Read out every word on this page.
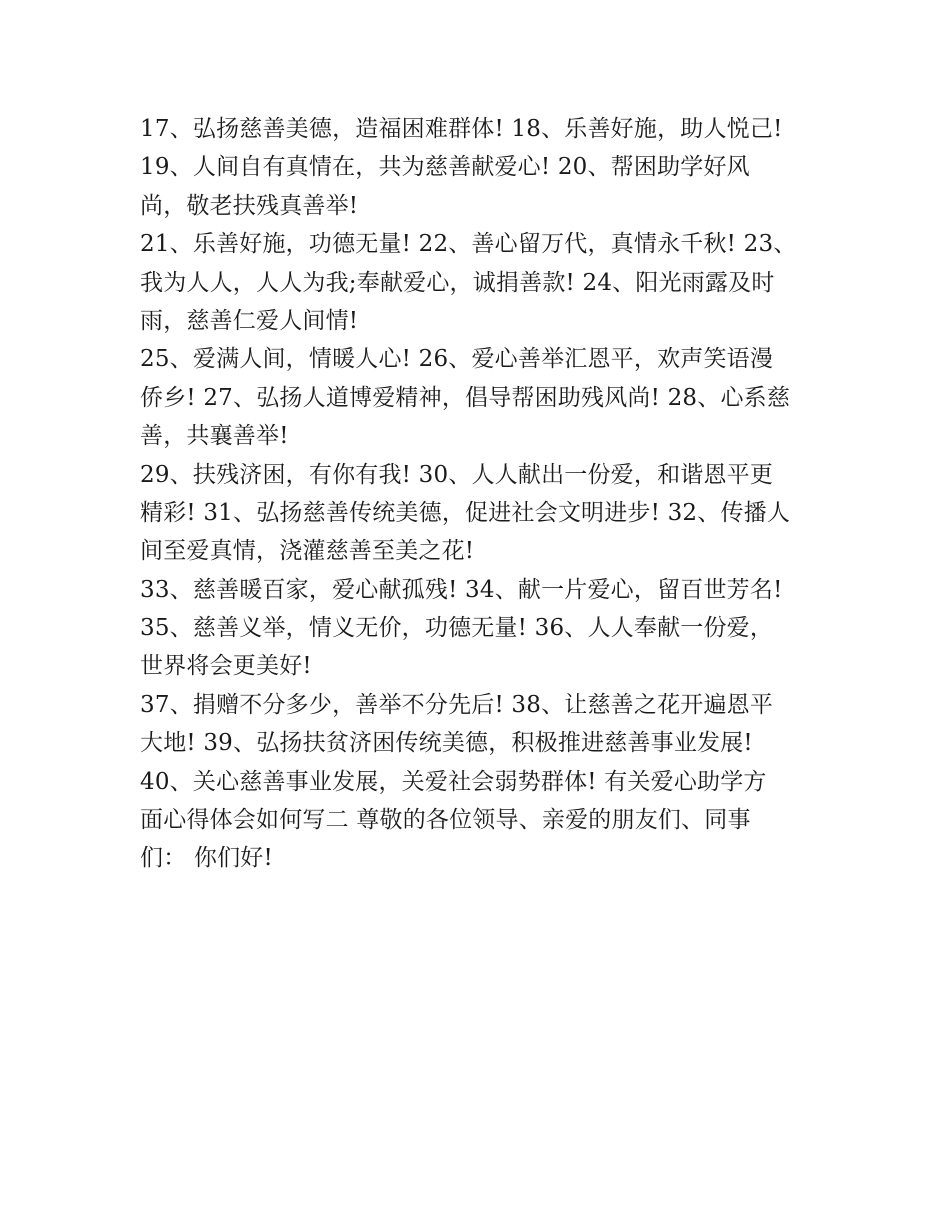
17、弘扬慈善美德，造福困难群体! 18、乐善好施，助人悦己!
19、人间自有真情在，共为慈善献爱心! 20、帮困助学好风
尚，敬老扶残真善举!
21、乐善好施，功德无量! 22、善心留万代，真情永千秋! 23、
我为人人，人人为我;奉献爱心，诚捐善款! 24、阳光雨露及时
雨，慈善仁爱人间情!
25、爱满人间，情暖人心! 26、爱心善举汇恩平，欢声笑语漫
侨乡! 27、弘扬人道博爱精神，倡导帮困助残风尚! 28、心系慈
善，共襄善举!
29、扶残济困，有你有我! 30、人人献出一份爱，和谐恩平更
精彩! 31、弘扬慈善传统美德，促进社会文明进步! 32、传播人
间至爱真情，浇灌慈善至美之花!
33、慈善暖百家，爱心献孤残! 34、献一片爱心，留百世芳名!
35、慈善义举，情义无价，功德无量! 36、人人奉献一份爱，
世界将会更美好!
37、捐赠不分多少，善举不分先后! 38、让慈善之花开遍恩平
大地! 39、弘扬扶贫济困传统美德，积极推进慈善事业发展!
40、关心慈善事业发展，关爱社会弱势群体! 有关爱心助学方
面心得体会如何写二 尊敬的各位领导、亲爱的朋友们、同事
们： 你们好!
